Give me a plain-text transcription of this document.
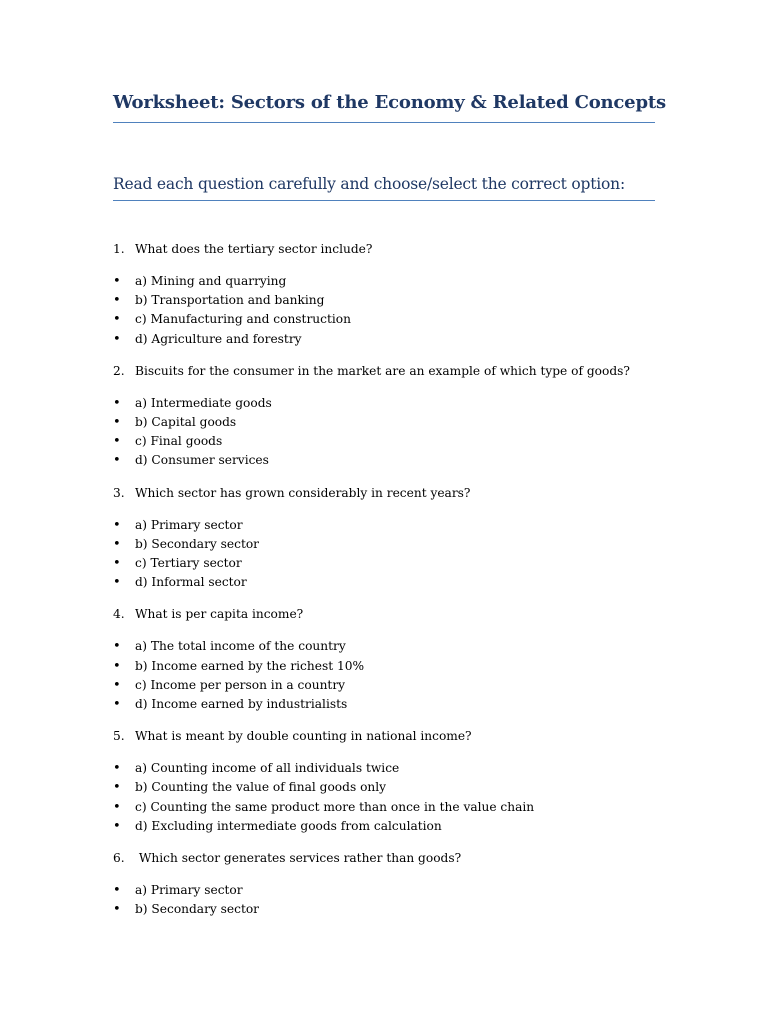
Worksheet: Sectors of the Economy & Related Concepts
Read each question carefully and choose/select the correct option:
1. What does the tertiary sector include?
• a) Mining and quarrying
• b) Transportation and banking
• c) Manufacturing and construction
• d) Agriculture and forestry
2. Biscuits for the consumer in the market are an example of which type of goods?
• a) Intermediate goods
• b) Capital goods
• c) Final goods
• d) Consumer services
3. Which sector has grown considerably in recent years?
• a) Primary sector
• b) Secondary sector
• c) Tertiary sector
• d) Informal sector
4. What is per capita income?
• a) The total income of the country
• b) Income earned by the richest 10%
• c) Income per person in a country
• d) Income earned by industrialists
5. What is meant by double counting in national income?
• a) Counting income of all individuals twice
• b) Counting the value of final goods only
• c) Counting the same product more than once in the value chain
• d) Excluding intermediate goods from calculation
6. Which sector generates services rather than goods?
• a) Primary sector
• b) Secondary sector
